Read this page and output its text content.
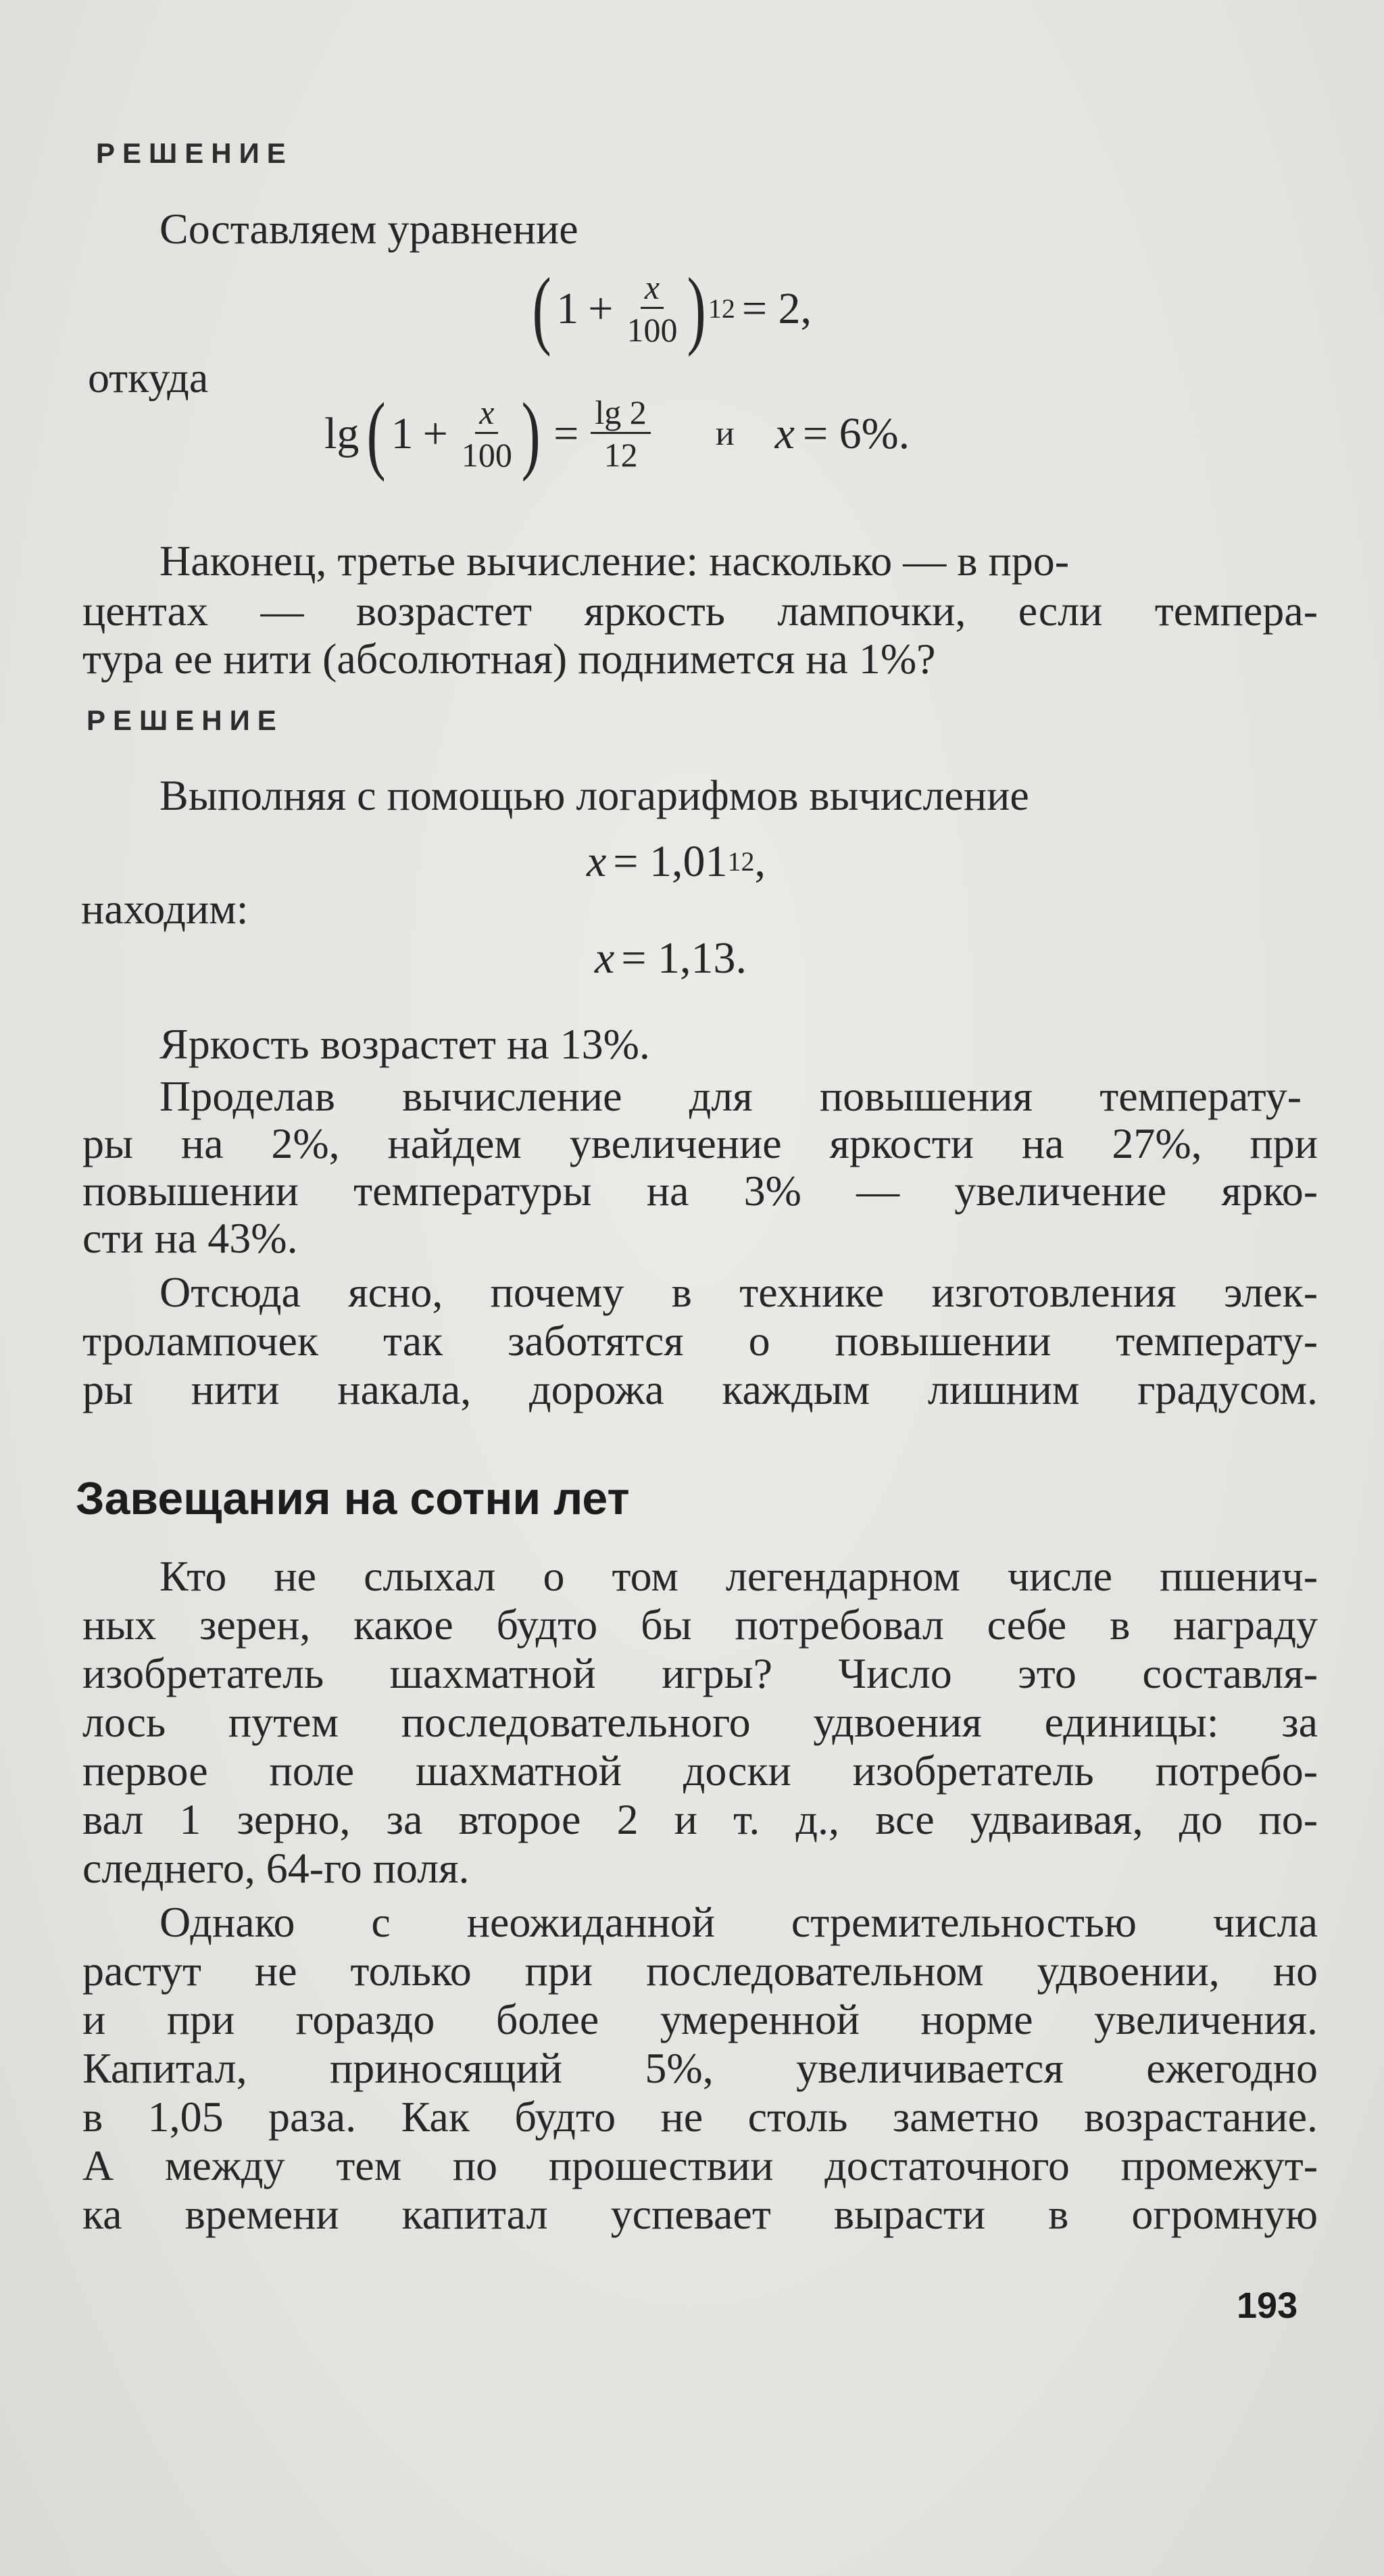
РЕШЕНИЕ
Составляем уравнение
( $1 + \frac{x}{100}$ ) 12 = 2,
откуда
lg ( $1 + \frac{x}{100}$ ) = $\frac{\lg 2}{12}$ и x = 6%.
Наконец, третье вычисление: насколько — в про-
центах — возрастет яркость лампочки, если темпера-
тура ее нити (абсолютная) поднимется на 1%?
РЕШЕНИЕ
Выполняя с помощью логарифмов вычисление
x = 1,01 12 ,
находим:
x = 1,13.
Яркость возрастет на 13%.
Проделав вычисление для повышения температу-
ры на 2%, найдем увеличение яркости на 27%, при
повышении температуры на 3% — увеличение ярко-
сти на 43%.
Отсюда ясно, почему в технике изготовления элек-
тролампочек так заботятся о повышении температу-
ры нити накала, дорожа каждым лишним градусом.
Завещания на сотни лет
Кто не слыхал о том легендарном числе пшенич-
ных зерен, какое будто бы потребовал себе в награду
изобретатель шахматной игры? Число это составля-
лось путем последовательного удвоения единицы: за
первое поле шахматной доски изобретатель потребо-
вал 1 зерно, за второе 2 и т. д., все удваивая, до по-
следнего, 64-го поля.
Однако с неожиданной стремительностью числа
растут не только при последовательном удвоении, но
и при гораздо более умеренной норме увеличения.
Капитал, приносящий 5%, увеличивается ежегодно
в 1,05 раза. Как будто не столь заметно возрастание.
А между тем по прошествии достаточного промежут-
ка времени капитал успевает вырасти в огромную
193
